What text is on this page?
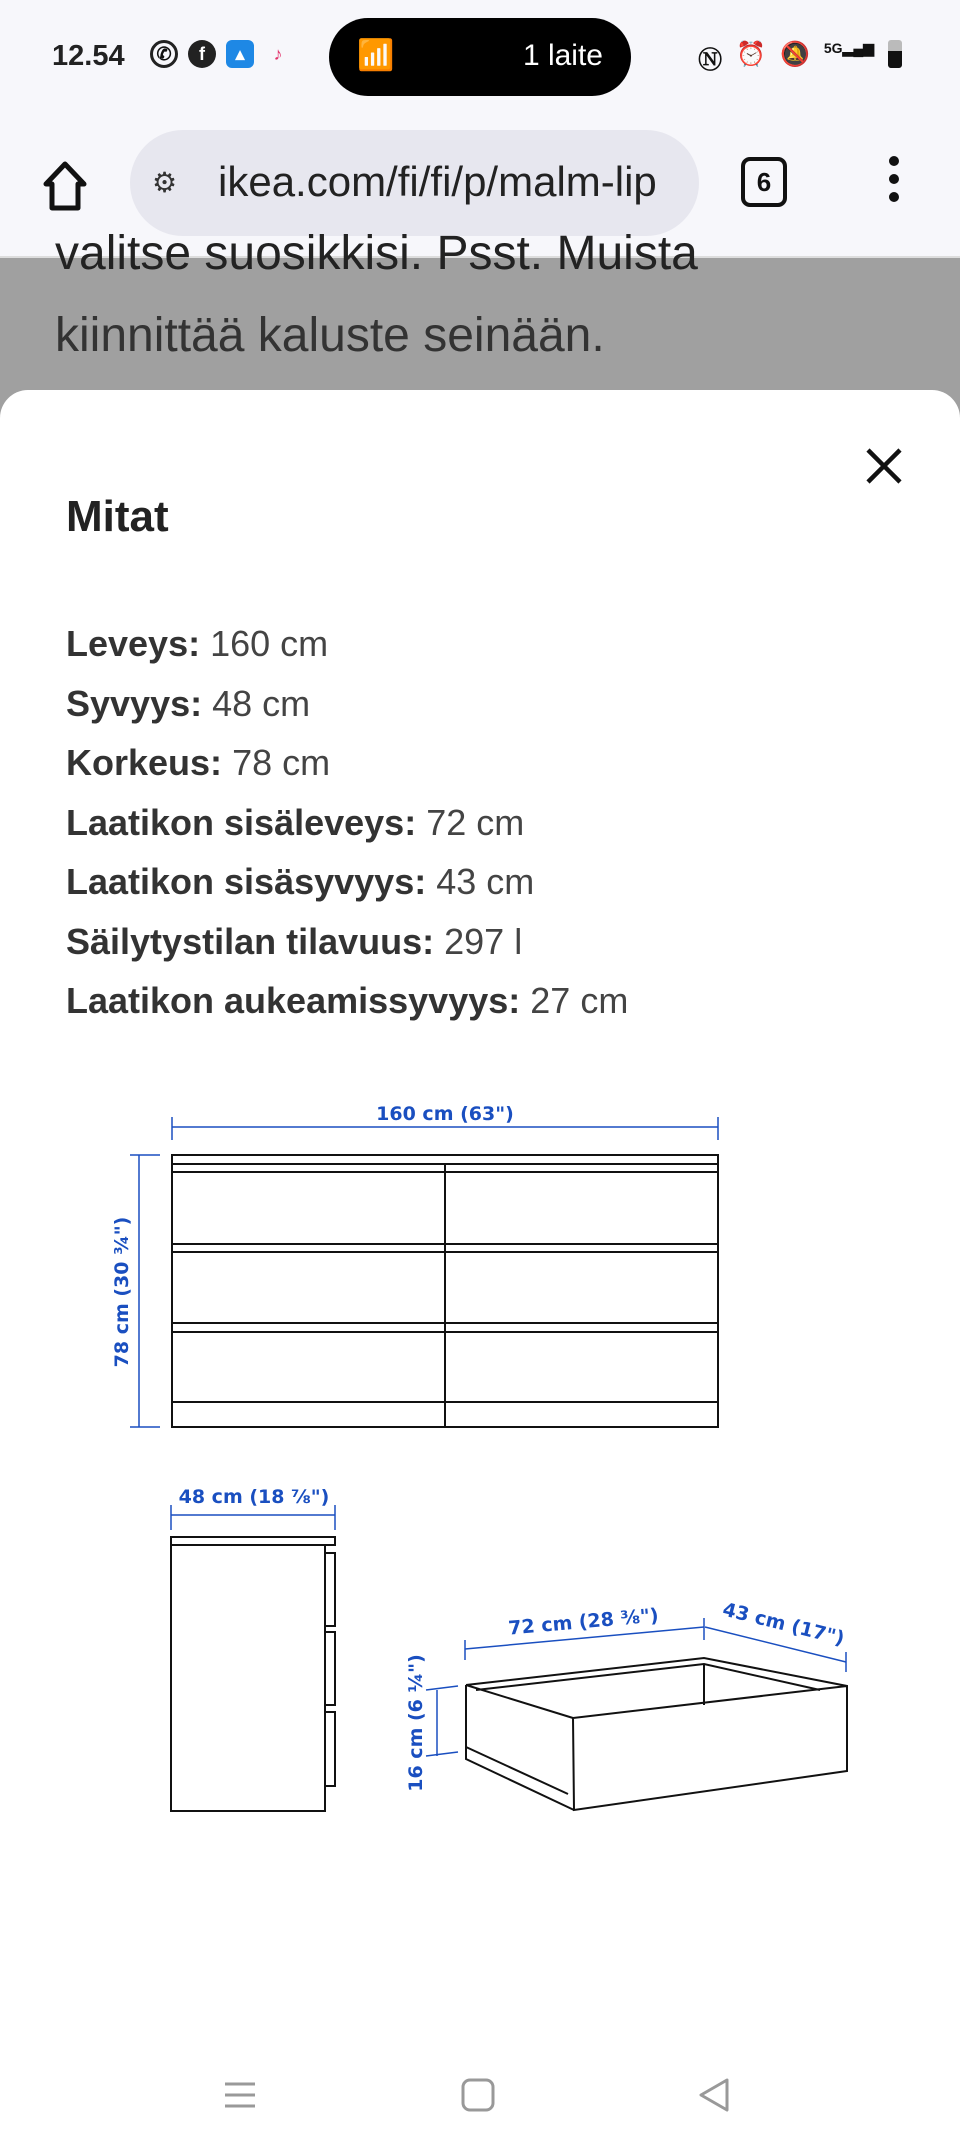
12.54	✆	f	▴	♪	📶	1 laite	Ⓝ ⏰ 🔕 5G▂▄▆
⚙ ikea.com/fi/fi/p/malm-lip	6
valitse suosikkisi. Psst. Muista
kiinnittää kaluste seinään.
Mitat
Leveys: 160 cm
Syvyys: 48 cm
Korkeus: 78 cm
Laatikon sisäleveys: 72 cm
Laatikon sisäsyvyys: 43 cm
Säilytystilan tilavuus: 297 l
Laatikon aukeamissyvyys: 27 cm
160 cm (63")
78 cm (30 ¾")
48 cm (18 ⅞")
72 cm (28 ⅜")	43 cm (17")
16 cm (6 ¼")
